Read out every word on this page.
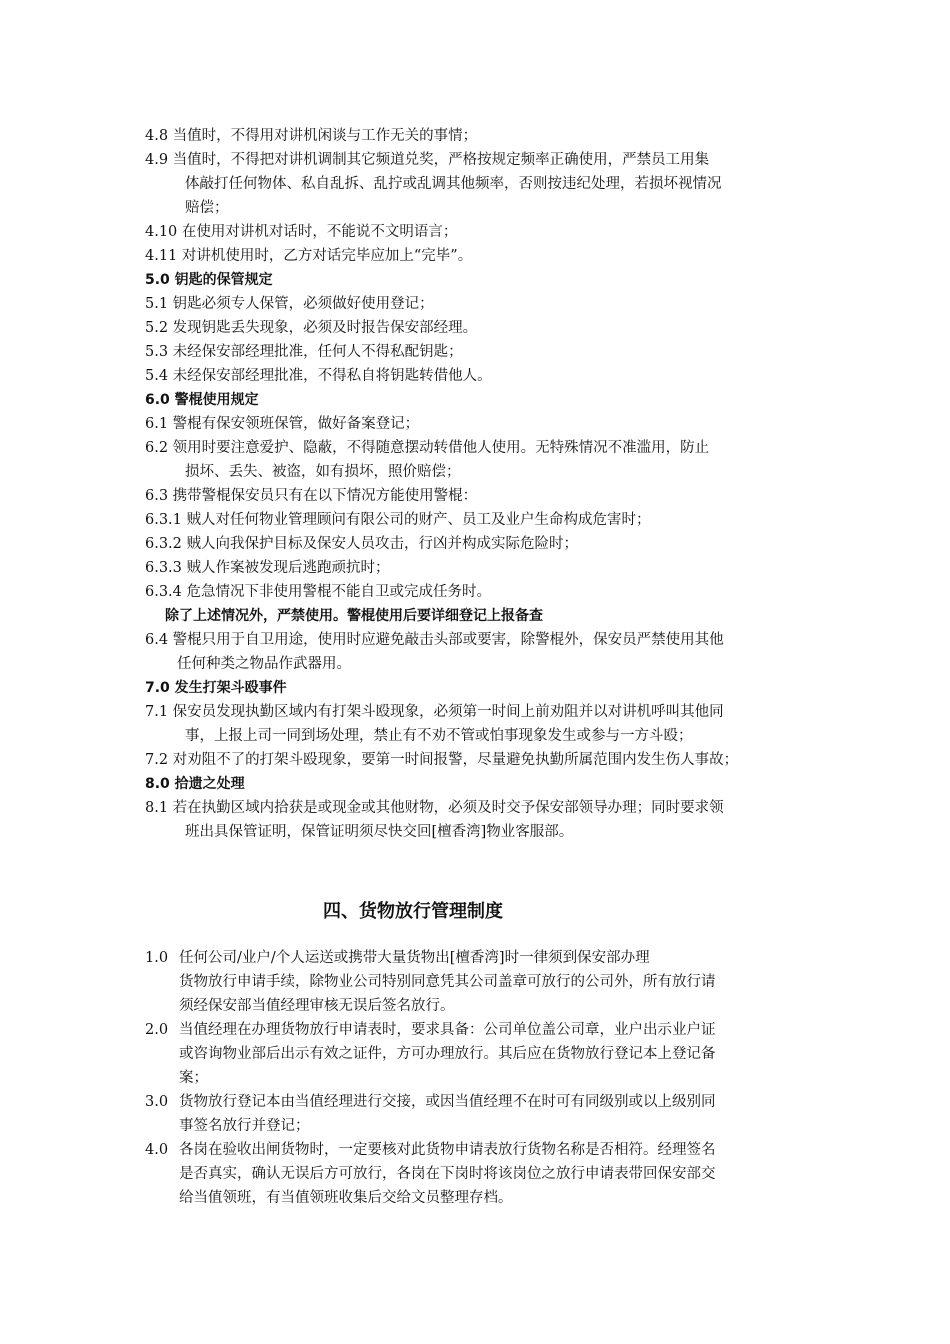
4.8 当值时，不得用对讲机闲谈与工作无关的事情；
4.9 当值时，不得把对讲机调制其它频道兑奖，严格按规定频率正确使用，严禁员工用集
体敲打任何物体、私自乱拆、乱拧或乱调其他频率，否则按违纪处理，若损坏视情况
赔偿；
4.10 在使用对讲机对话时，不能说不文明语言；
4.11 对讲机使用时，乙方对话完毕应加上“完毕”。
5.0 钥匙的保管规定
5.1 钥匙必须专人保管，必须做好使用登记；
5.2 发现钥匙丢失现象，必须及时报告保安部经理。
5.3 未经保安部经理批准，任何人不得私配钥匙；
5.4 未经保安部经理批准，不得私自将钥匙转借他人。
6.0 警棍使用规定
6.1 警棍有保安领班保管，做好备案登记；
6.2 领用时要注意爱护、隐蔽，不得随意摆动转借他人使用。无特殊情况不准滥用，防止
损坏、丢失、被盗，如有损坏，照价赔偿；
6.3 携带警棍保安员只有在以下情况方能使用警棍：
6.3.1 贼人对任何物业管理顾问有限公司的财产、员工及业户生命构成危害时；
6.3.2 贼人向我保护目标及保安人员攻击，行凶并构成实际危险时；
6.3.3 贼人作案被发现后逃跑顽抗时；
6.3.4 危急情况下非使用警棍不能自卫或完成任务时。
除了上述情况外，严禁使用。警棍使用后要详细登记上报备查
6.4 警棍只用于自卫用途，使用时应避免敲击头部或要害，除警棍外，保安员严禁使用其他
任何种类之物品作武器用。
7.0 发生打架斗殴事件
7.1 保安员发现执勤区域内有打架斗殴现象，必须第一时间上前劝阻并以对讲机呼叫其他同
事，上报上司一同到场处理，禁止有不劝不管或怕事现象发生或参与一方斗殴；
7.2 对劝阻不了的打架斗殴现象，要第一时间报警，尽量避免执勤所属范围内发生伤人事故；
8.0 拾遗之处理
8.1 若在执勤区域内拾获是或现金或其他财物，必须及时交予保安部领导办理；同时要求领
班出具保管证明，保管证明须尽快交回[檀香湾]物业客服部。
四、货物放行管理制度
1.0 任何公司/业户/个人运送或携带大量货物出[檀香湾]时一律须到保安部办理
货物放行申请手续，除物业公司特别同意凭其公司盖章可放行的公司外，所有放行请
须经保安部当值经理审核无误后签名放行。
2.0 当值经理在办理货物放行申请表时，要求具备：公司单位盖公司章，业户出示业户证
或咨询物业部后出示有效之证件，方可办理放行。其后应在货物放行登记本上登记备
案；
3.0 货物放行登记本由当值经理进行交接，或因当值经理不在时可有同级别或以上级别同
事签名放行并登记；
4.0 各岗在验收出闸货物时，一定要核对此货物申请表放行货物名称是否相符。经理签名
是否真实，确认无误后方可放行，各岗在下岗时将该岗位之放行申请表带回保安部交
给当值领班，有当值领班收集后交给文员整理存档。
